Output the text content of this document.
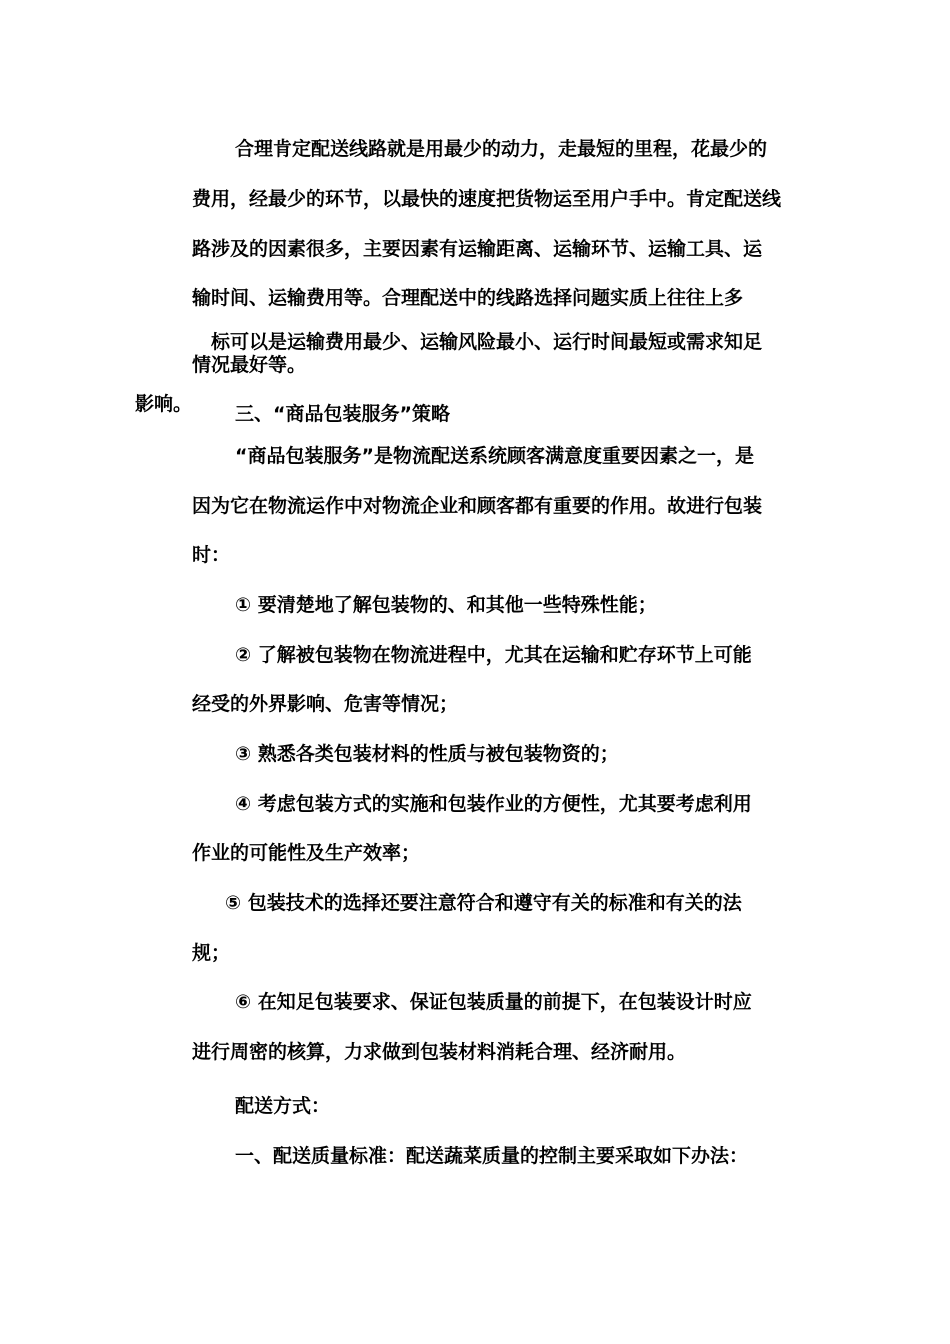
合理肯定配送线路就是用最少的动力，走最短的里程，花最少的

费用，经最少的环节，以最快的速度把货物运至用户手中。肯定配送线

路涉及的因素很多，主要因素有运输距离、运输环节、运输工具、运

输时间、运输费用等。合理配送中的线路选择问题实质上往往上多

标可以是运输费用最少、运输风险最小、运行时间最短或需求知足

情况最好等。

影响。 三、“商品包装服务”策略

“商品包装服务”是物流配送系统顾客满意度重要因素之一，是

因为它在物流运作中对物流企业和顾客都有重要的作用。故进行包装

时：

① 要清楚地了解包装物的、和其他一些特殊性能；

② 了解被包装物在物流进程中，尤其在运输和贮存环节上可能

经受的外界影响、危害等情况；

③ 熟悉各类包装材料的性质与被包装物资的；

④ 考虑包装方式的实施和包装作业的方便性，尤其要考虑利用

作业的可能性及生产效率；

⑤ 包装技术的选择还要注意符合和遵守有关的标准和有关的法

规；

⑥ 在知足包装要求、保证包装质量的前提下，在包装设计时应

进行周密的核算，力求做到包装材料消耗合理、经济耐用。

配送方式：

一、配送质量标准：配送蔬菜质量的控制主要采取如下办法：
